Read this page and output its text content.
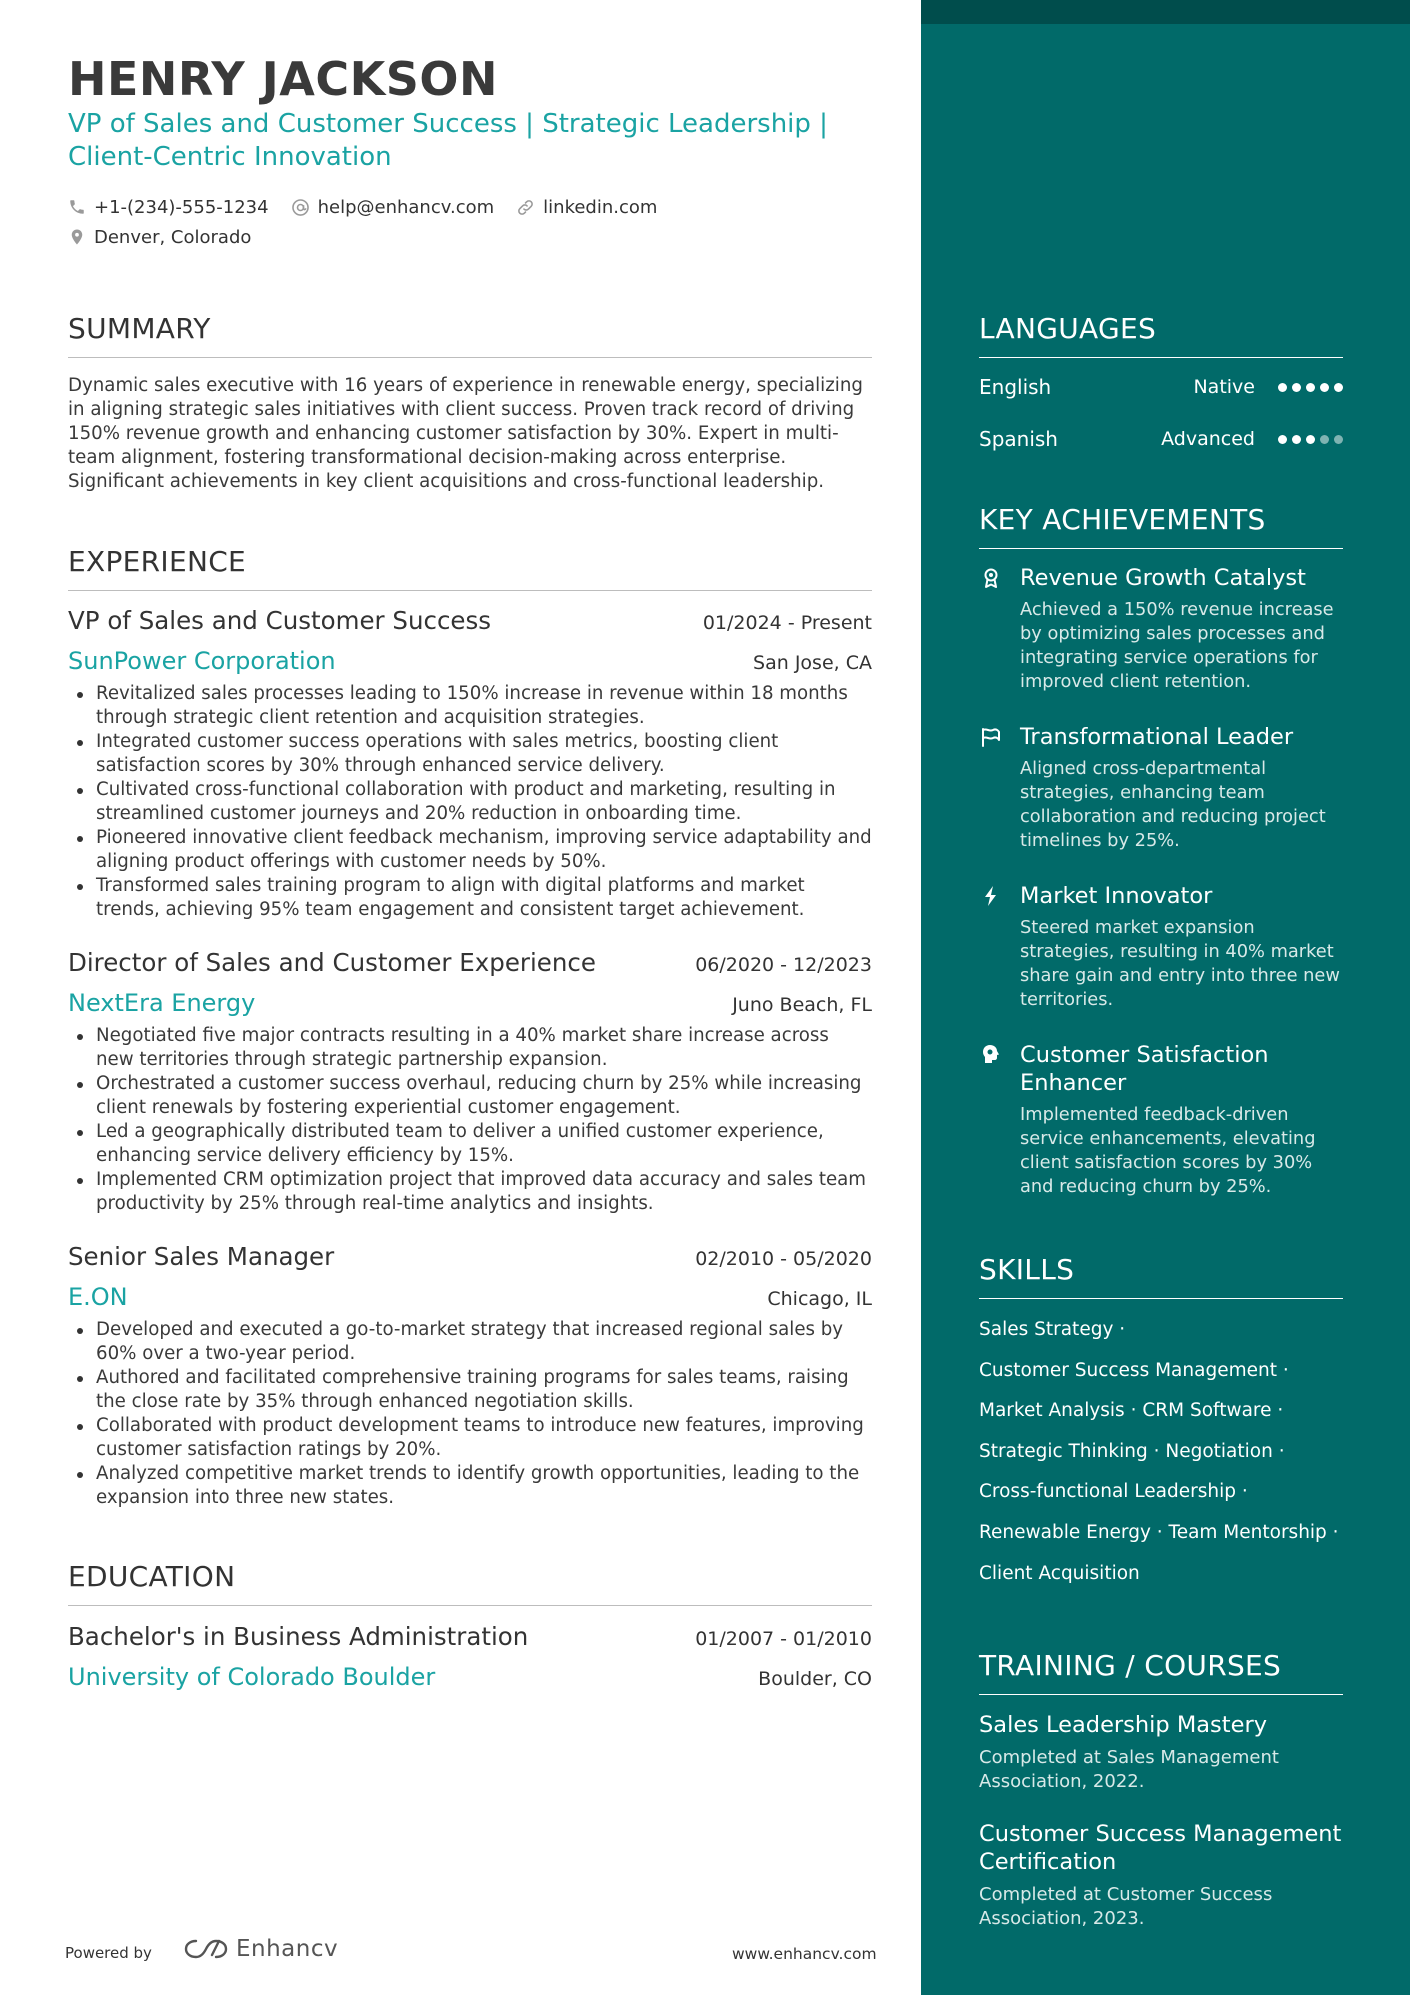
HENRY JACKSON
VP of Sales and Customer Success | Strategic Leadership |
Client-Centric Innovation
+1-(234)-555-1234	help@enhancv.com	linkedin.com
Denver, Colorado
SUMMARY
Dynamic sales executive with 16 years of experience in renewable energy, specializing in aligning strategic sales initiatives with client success. Proven track record of driving 150% revenue growth and enhancing customer satisfaction by 30%. Expert in multi-team alignment, fostering transformational decision-making across enterprise. Significant achievements in key client acquisitions and cross-functional leadership.
EXPERIENCE
VP of Sales and Customer Success	01/2024 - Present
SunPower Corporation	San Jose, CA
Revitalized sales processes leading to 150% increase in revenue within 18 months through strategic client retention and acquisition strategies.
Integrated customer success operations with sales metrics, boosting client satisfaction scores by 30% through enhanced service delivery.
Cultivated cross-functional collaboration with product and marketing, resulting in streamlined customer journeys and 20% reduction in onboarding time.
Pioneered innovative client feedback mechanism, improving service adaptability and aligning product offerings with customer needs by 50%.
Transformed sales training program to align with digital platforms and market trends, achieving 95% team engagement and consistent target achievement.
Director of Sales and Customer Experience	06/2020 - 12/2023
NextEra Energy	Juno Beach, FL
Negotiated five major contracts resulting in a 40% market share increase across new territories through strategic partnership expansion.
Orchestrated a customer success overhaul, reducing churn by 25% while increasing client renewals by fostering experiential customer engagement.
Led a geographically distributed team to deliver a unified customer experience, enhancing service delivery efficiency by 15%.
Implemented CRM optimization project that improved data accuracy and sales team productivity by 25% through real-time analytics and insights.
Senior Sales Manager	02/2010 - 05/2020
E.ON	Chicago, IL
Developed and executed a go-to-market strategy that increased regional sales by 60% over a two-year period.
Authored and facilitated comprehensive training programs for sales teams, raising the close rate by 35% through enhanced negotiation skills.
Collaborated with product development teams to introduce new features, improving customer satisfaction ratings by 20%.
Analyzed competitive market trends to identify growth opportunities, leading to the expansion into three new states.
EDUCATION
Bachelor's in Business Administration	01/2007 - 01/2010
University of Colorado Boulder	Boulder, CO
Powered by	Enhancv	www.enhancv.com
LANGUAGES
English	Native
Spanish	Advanced
KEY ACHIEVEMENTS
Revenue Growth Catalyst
Achieved a 150% revenue increase by optimizing sales processes and integrating service operations for improved client retention.
Transformational Leader
Aligned cross-departmental strategies, enhancing team collaboration and reducing project timelines by 25%.
Market Innovator
Steered market expansion strategies, resulting in 40% market share gain and entry into three new territories.
Customer Satisfaction Enhancer
Implemented feedback-driven service enhancements, elevating client satisfaction scores by 30% and reducing churn by 25%.
SKILLS
Sales Strategy ·
Customer Success Management ·
Market Analysis · CRM Software ·
Strategic Thinking · Negotiation ·
Cross-functional Leadership ·
Renewable Energy · Team Mentorship ·
Client Acquisition
TRAINING / COURSES
Sales Leadership Mastery
Completed at Sales Management Association, 2022.
Customer Success Management Certification
Completed at Customer Success Association, 2023.
